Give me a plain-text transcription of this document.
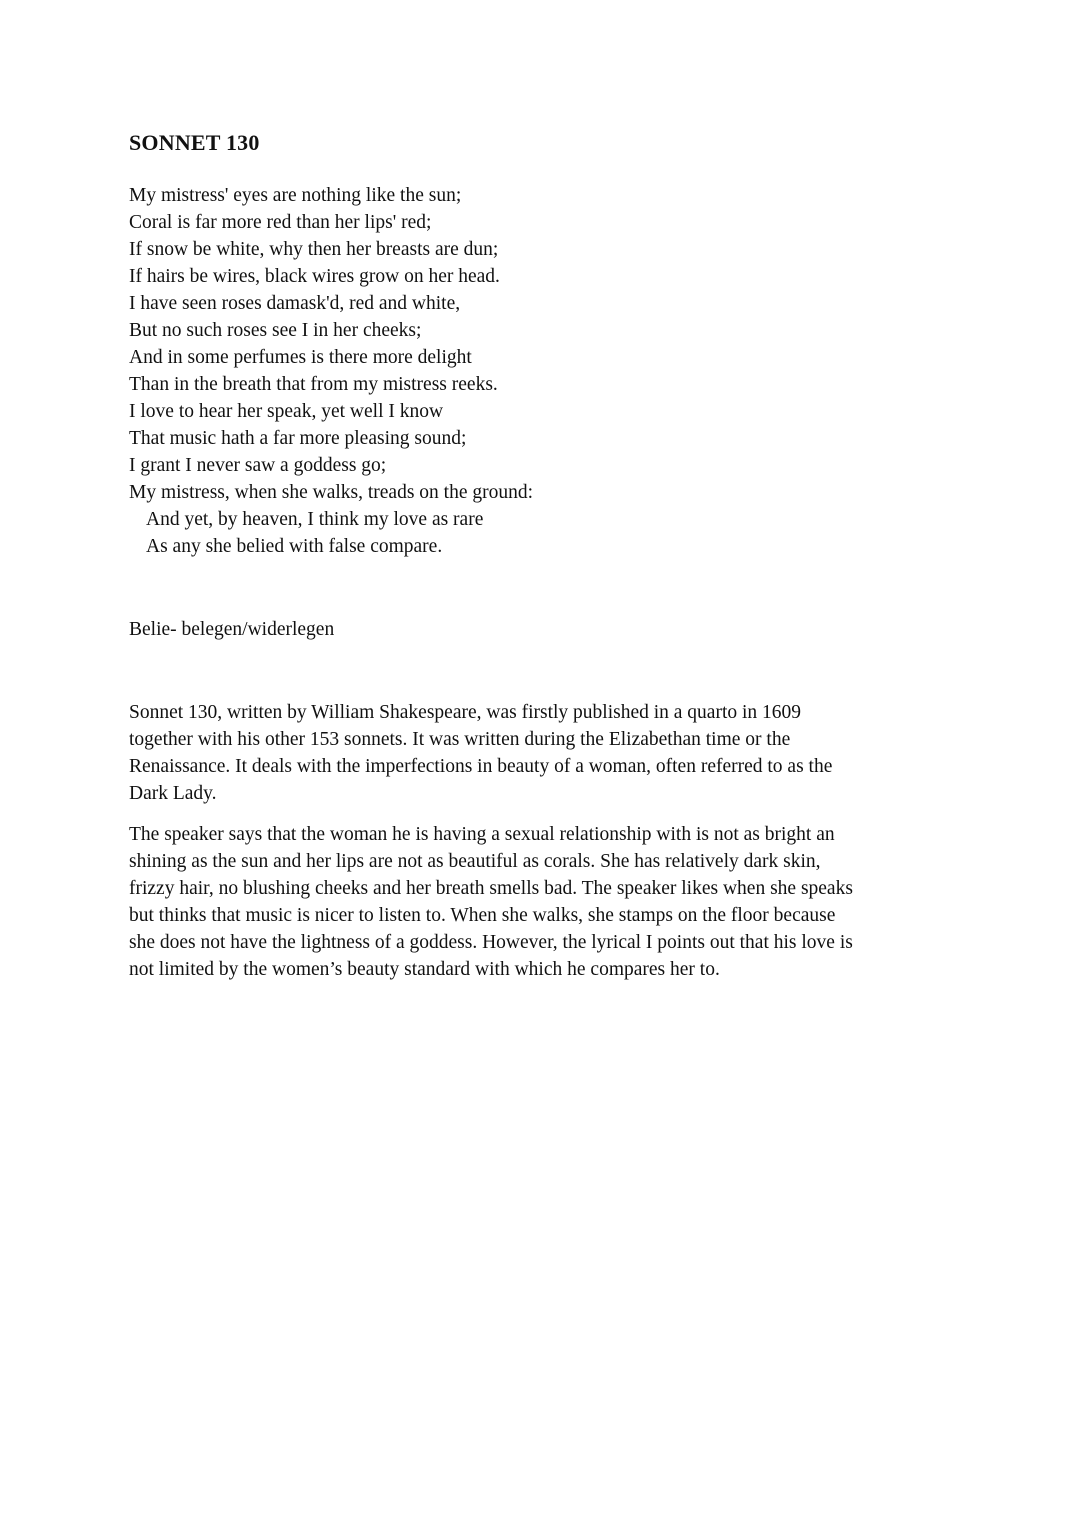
SONNET 130
My mistress' eyes are nothing like the sun;
Coral is far more red than her lips' red;
If snow be white, why then her breasts are dun;
If hairs be wires, black wires grow on her head.
I have seen roses damask'd, red and white,
But no such roses see I in her cheeks;
And in some perfumes is there more delight
Than in the breath that from my mistress reeks.
I love to hear her speak, yet well I know
That music hath a far more pleasing sound;
I grant I never saw a goddess go;
My mistress, when she walks, treads on the ground:
And yet, by heaven, I think my love as rare
As any she belied with false compare.

Belie- belegen/widerlegen

Sonnet 130, written by William Shakespeare, was firstly published in a quarto in 1609
together with his other 153 sonnets. It was written during the Elizabethan time or the
Renaissance. It deals with the imperfections in beauty of a woman, often referred to as the
Dark Lady.

The speaker says that the woman he is having a sexual relationship with is not as bright an
shining as the sun and her lips are not as beautiful as corals. She has relatively dark skin,
frizzy hair, no blushing cheeks and her breath smells bad. The speaker likes when she speaks
but thinks that music is nicer to listen to. When she walks, she stamps on the floor because
she does not have the lightness of a goddess. However, the lyrical I points out that his love is
not limited by the women’s beauty standard with which he compares her to.
